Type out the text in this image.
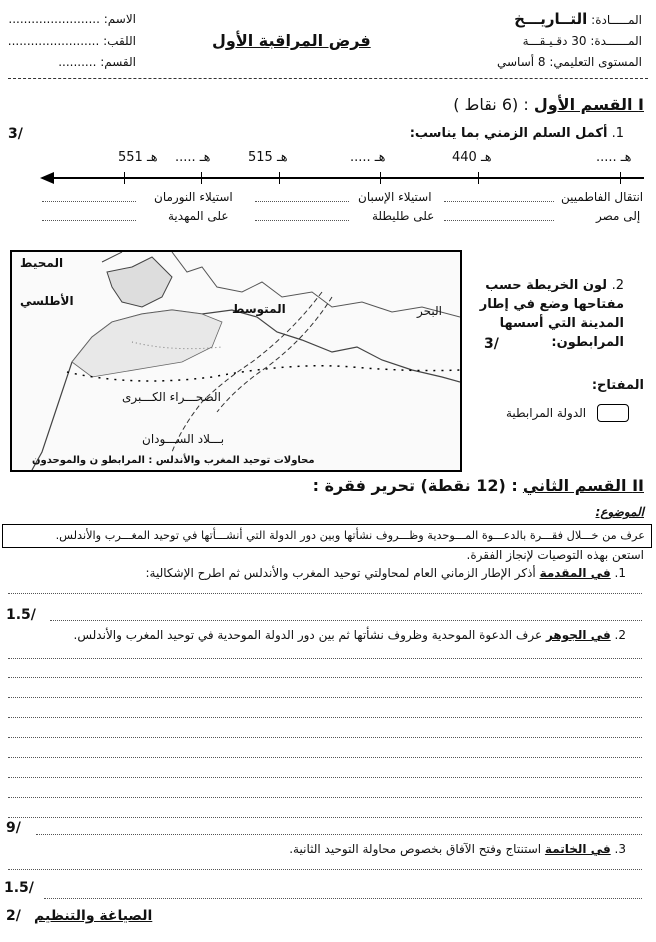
الاسم: ........................
اللقب: ........................
القسم: ..........
فرض المراقبة الأول
المـــــادة: التــاريـــخ
المــــــدة: 30 دقـيـقـــة
المستوى التعليمي: 8 أساسي
I القسم الأول : (6 نقاط )
3/	1. أكمل السلم الزمني بما يناسب:
551 هـ ..... هـ	515 هـ	..... هـ	440 هـ	..... هـ
استيلاء النورمان
على المهدية
استيلاء الإسبان
على طليطلة
انتقال الفاطميين
إلى مصر
المحيط
الأطلسي
المتوسط	البحر
الصحـــراء الكـــبرى
بـــلاد الســـودان
محاولات توحيد المغرب والأندلس : المرابطو ن والموحدون
2. لون الخريطة حسب
مفتاحها وضع في إطار
المدينة التي أسسها
المرابطون:
3/
المفتاح:
الدولة المرابطية
II القسم الثاني : (12 نقطة) تحرير فقرة :
الموضوع:
عرف من خـــلال فقـــرة بالدعـــوة المـــوحدية وظـــروف نشأتها وبين دور الدولة التي أنشـــأتها في توحيد المغـــرب والأندلس.
استعن بهذه التوصيات لإنجاز الفقرة.
1. في المقدمة أذكر الإطار الزماني العام لمحاولتي توحيد المغرب والأندلس ثم اطرح الإشكالية:
1.5/
2. في الجوهر عرف الدعوة الموحدية وظروف نشأتها ثم بين دور الدولة الموحدية في توحيد المغرب والأندلس.
9/
3. في الخاتمة استنتاج وفتح الآفاق بخصوص محاولة التوحيد الثانية.
1.5/
2/ الصياغة والتنظيم
